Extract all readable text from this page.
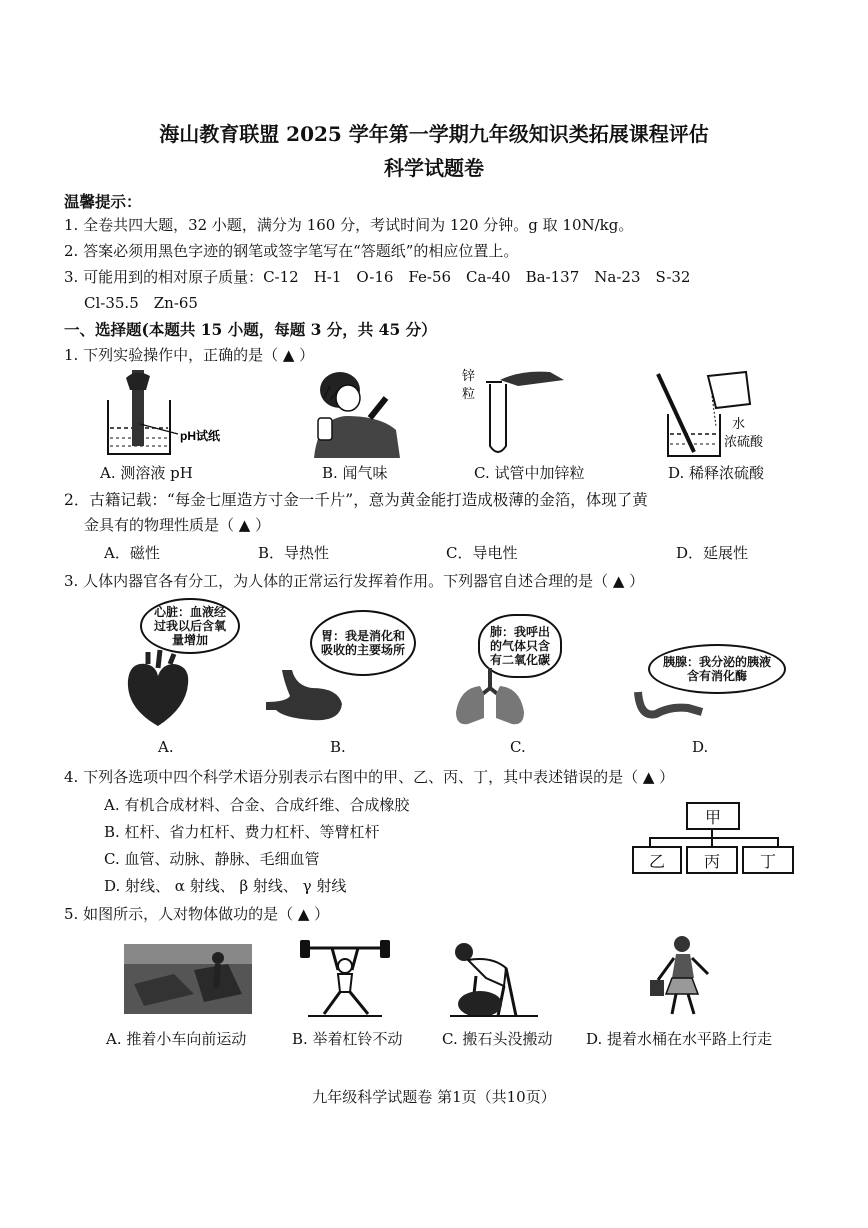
海山教育联盟 2025 学年第一学期九年级知识类拓展课程评估
科学试题卷
温馨提示：
1. 全卷共四大题，32 小题，满分为 160 分，考试时间为 120 分钟。g 取 10N/kg。
2. 答案必须用黑色字迹的钢笔或签字笔写在“答题纸”的相应位置上。
3. 可能用到的相对原子质量：C-12　H-1　O-16　Fe-56　Ca-40　Ba-137　Na-23　S-32
Cl-35.5　Zn-65
一、选择题(本题共 15 小题，每题 3 分，共 45 分）
1. 下列实验操作中，正确的是（ ▲ ）
pH试纸
锌
粒
水
浓硫酸
A. 测溶液 pH	B. 闻气味	C. 试管中加锌粒	D. 稀释浓硫酸
2．古籍记载：“每金七厘造方寸金一千片”，意为黄金能打造成极薄的金箔，体现了黄
金具有的物理性质是（ ▲ ）
A．磁性	B．导热性	C．导电性	D．延展性
3. 人体内器官各有分工，为人体的正常运行发挥着作用。下列器官自述合理的是（ ▲ ）
心脏：血液经过我以后含氧量增加
A.
胃：我是消化和吸收的主要场所
B.
肺：我呼出的气体只含有二氧化碳
C.
胰腺：我分泌的胰液含有消化酶
D.
4. 下列各选项中四个科学术语分别表示右图中的甲、乙、丙、丁，其中表述错误的是（ ▲ ）
A. 有机合成材料、合金、合成纤维、合成橡胶
B. 杠杆、省力杠杆、费力杠杆、等臂杠杆
C. 血管、动脉、静脉、毛细血管
D. 射线、 α 射线、 β 射线、 γ 射线
甲
乙	丙	丁
5. 如图所示，人对物体做功的是（ ▲ ）
A. 推着小车向前运动	B. 举着杠铃不动	C. 搬石头没搬动 D. 提着水桶在水平路上行走
九年级科学试题卷 第1页（共10页）
